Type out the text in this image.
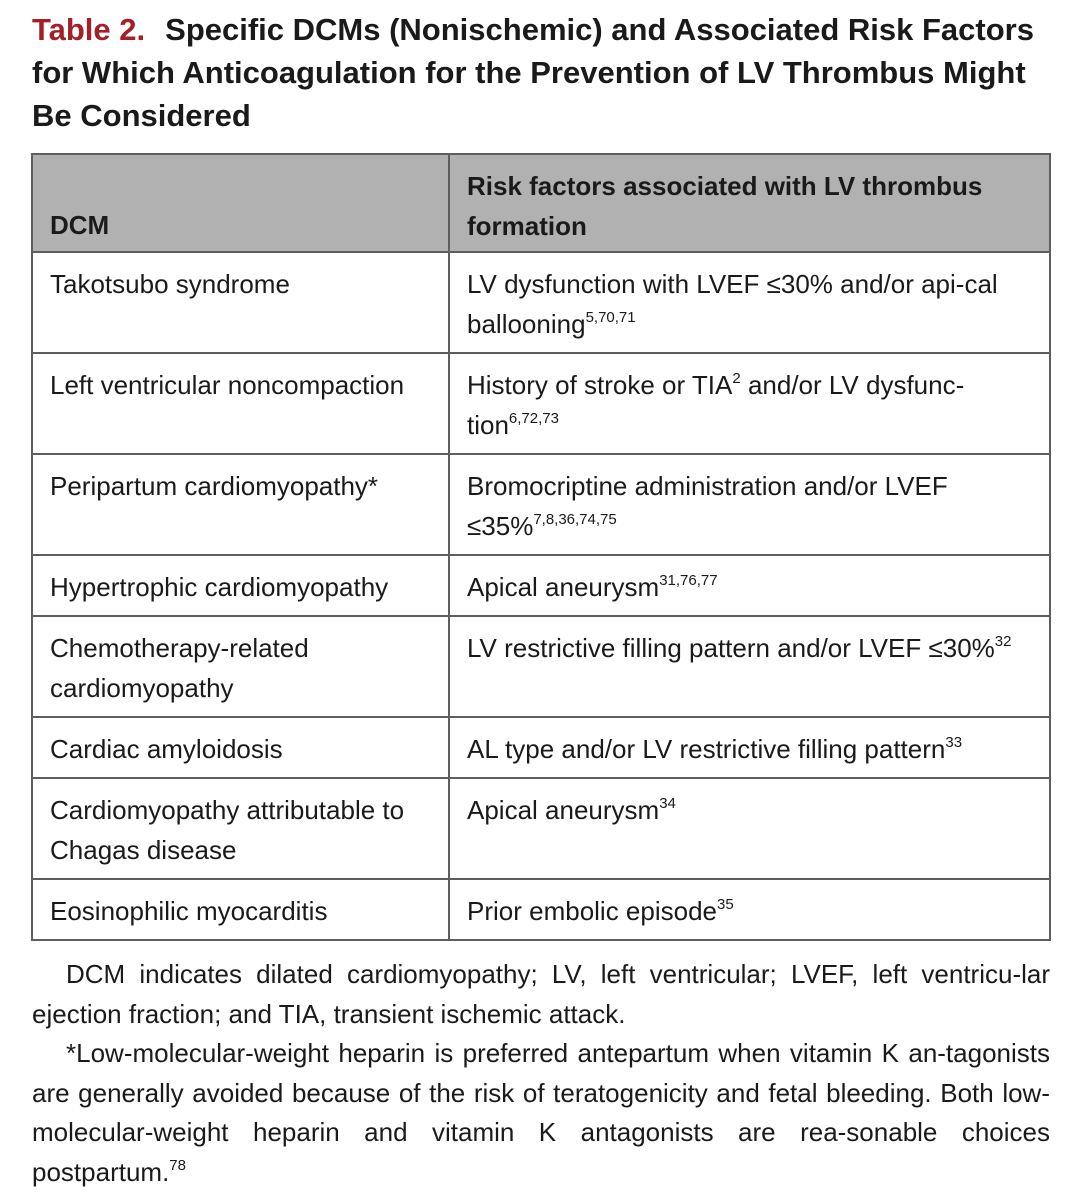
Table 2. Specific DCMs (Nonischemic) and Associated Risk Factors for Which Anticoagulation for the Prevention of LV Thrombus Might Be Considered
DCM	Risk factors associated with LV thrombus formation
Takotsubo syndrome	LV dysfunction with LVEF ≤30% and/or api-cal ballooning$^{5,70,71}$
Left ventricular noncompaction	History of stroke or TIA$^2$ and/or LV dysfunc-tion$^{6,72,73}$
Peripartum cardiomyopathy*	Bromocriptine administration and/or LVEF ≤35%$^{7,8,36,74,75}$
Hypertrophic cardiomyopathy	Apical aneurysm$^{31,76,77}$
Chemotherapy-related cardiomyopathy	LV restrictive filling pattern and/or LVEF ≤30%$^{32}$
Cardiac amyloidosis	AL type and/or LV restrictive filling pattern$^{33}$
Cardiomyopathy attributable to Chagas disease	Apical aneurysm$^{34}$
Eosinophilic myocarditis	Prior embolic episode$^{35}$

DCM indicates dilated cardiomyopathy; LV, left ventricular; LVEF, left ventricu-lar ejection fraction; and TIA, transient ischemic attack.

*Low-molecular-weight heparin is preferred antepartum when vitamin K an-tagonists are generally avoided because of the risk of teratogenicity and fetal bleeding. Both low-molecular-weight heparin and vitamin K antagonists are rea-sonable choices postpartum.$^{78}$
